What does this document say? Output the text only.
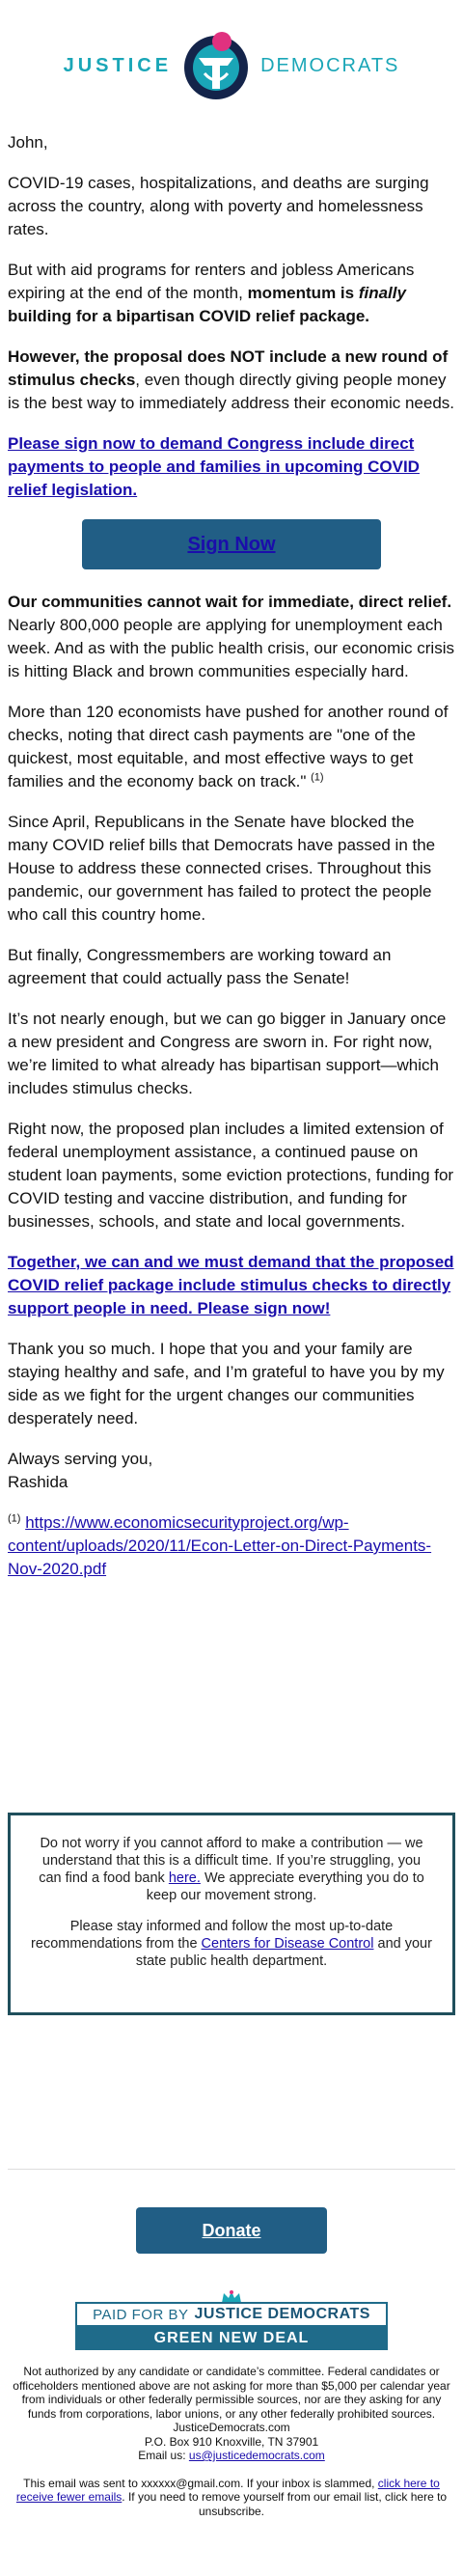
JUSTICE	DEMOCRATS

John,

COVID-19 cases, hospitalizations, and deaths are surging across the country, along with poverty and homelessness rates.

But with aid programs for renters and jobless Americans expiring at the end of the month, momentum is finally building for a bipartisan COVID relief package.

However, the proposal does NOT include a new round of stimulus checks, even though directly giving people money is the best way to immediately address their economic needs.

Please sign now to demand Congress include direct payments to people and families in upcoming COVID relief legislation.

Sign Now

Our communities cannot wait for immediate, direct relief. Nearly 800,000 people are applying for unemployment each week. And as with the public health crisis, our economic crisis is hitting Black and brown communities especially hard.

More than 120 economists have pushed for another round of checks, noting that direct cash payments are "one of the quickest, most equitable, and most effective ways to get families and the economy back on track." $^{(1)}$

Since April, Republicans in the Senate have blocked the many COVID relief bills that Democrats have passed in the House to address these connected crises. Throughout this pandemic, our government has failed to protect the people who call this country home.

But finally, Congressmembers are working toward an agreement that could actually pass the Senate!

It’s not nearly enough, but we can go bigger in January once a new president and Congress are sworn in. For right now, we’re limited to what already has bipartisan support—which includes stimulus checks.

Right now, the proposed plan includes a limited extension of federal unemployment assistance, a continued pause on student loan payments, some eviction protections, funding for COVID testing and vaccine distribution, and funding for businesses, schools, and state and local governments.

Together, we can and we must demand that the proposed COVID relief package include stimulus checks to directly support people in need. Please sign now!

Thank you so much. I hope that you and your family are staying healthy and safe, and I’m grateful to have you by my side as we fight for the urgent changes our communities desperately need.

Always serving you,
Rashida

$^{(1)}$ https://www.economicsecurityproject.org/wp-content/uploads/2020/11/Econ-Letter-on-Direct-Payments-Nov-2020.pdf

Do not worry if you cannot afford to make a contribution — we understand that this is a difficult time. If you’re struggling, you can find a food bank here. We appreciate everything you do to keep our movement strong.

Please stay informed and follow the most up-to-date recommendations from the Centers for Disease Control and your state public health department.

Donate
PAID FOR BY JUSTICE DEMOCRATS
GREEN NEW DEAL
Not authorized by any candidate or candidate’s committee. Federal candidates or officeholders mentioned above are not asking for more than $5,000 per calendar year from individuals or other federally permissible sources, nor are they asking for any funds from corporations, labor unions, or any other federally prohibited sources.
JusticeDemocrats.com
P.O. Box 910 Knoxville, TN 37901
Email us: us@justicedemocrats.com
This email was sent to xxxxxx@gmail.com. If your inbox is slammed, click here to receive fewer emails. If you need to remove yourself from our email list, click here to unsubscribe.
